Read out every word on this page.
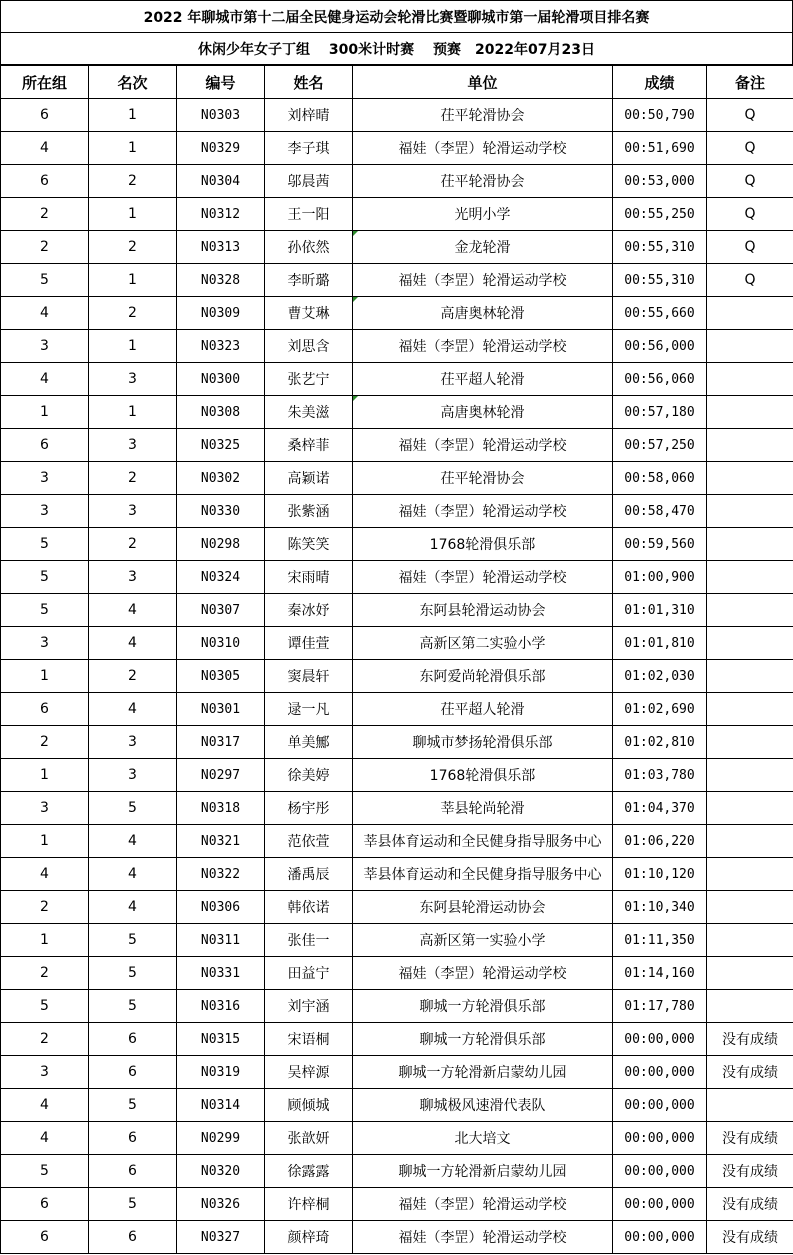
2022 年聊城市第十二届全民健身运动会轮滑比赛暨聊城市第一届轮滑项目排名赛
休闲少年女子丁组　 300米计时赛　 预赛　2022年07月23日
所在组	名次	编号	姓名	单位	成绩	备注
6	1	N0303	刘梓晴	茌平轮滑协会	00:50,790	Q
4	1	N0329	李子琪	福娃（李罡）轮滑运动学校	00:51,690	Q
6	2	N0304	邬晨茜	茌平轮滑协会	00:53,000	Q
2	1	N0312	王一阳	光明小学	00:55,250	Q
2	2	N0313	孙依然	金龙轮滑	00:55,310	Q
5	1	N0328	李昕璐	福娃（李罡）轮滑运动学校	00:55,310	Q
4	2	N0309	曹艾琳	高唐奥林轮滑	00:55,660	
3	1	N0323	刘思含	福娃（李罡）轮滑运动学校	00:56,000	
4	3	N0300	张艺宁	茌平超人轮滑	00:56,060	
1	1	N0308	朱美滋	高唐奥林轮滑	00:57,180	
6	3	N0325	桑梓菲	福娃（李罡）轮滑运动学校	00:57,250	
3	2	N0302	高颖诺	茌平轮滑协会	00:58,060	
3	3	N0330	张紫涵	福娃（李罡）轮滑运动学校	00:58,470	
5	2	N0298	陈笑笑	1768轮滑俱乐部	00:59,560	
5	3	N0324	宋雨晴	福娃（李罡）轮滑运动学校	01:00,900	
5	4	N0307	秦冰妤	东阿县轮滑运动协会	01:01,310	
3	4	N0310	谭佳萱	高新区第二实验小学	01:01,810	
1	2	N0305	窦晨轩	东阿爱尚轮滑俱乐部	01:02,030	
6	4	N0301	逯一凡	茌平超人轮滑	01:02,690	
2	3	N0317	单美鄦	聊城市梦扬轮滑俱乐部	01:02,810	
1	3	N0297	徐美婷	1768轮滑俱乐部	01:03,780	
3	5	N0318	杨宇彤	莘县轮尚轮滑	01:04,370	
1	4	N0321	范依萱	莘县体育运动和全民健身指导服务中心	01:06,220	
4	4	N0322	潘禹辰	莘县体育运动和全民健身指导服务中心	01:10,120	
2	4	N0306	韩依诺	东阿县轮滑运动协会	01:10,340	
1	5	N0311	张佳一	高新区第一实验小学	01:11,350	
2	5	N0331	田益宁	福娃（李罡）轮滑运动学校	01:14,160	
5	5	N0316	刘宇涵	聊城一方轮滑俱乐部	01:17,780	
2	6	N0315	宋语桐	聊城一方轮滑俱乐部	00:00,000	没有成绩
3	6	N0319	吴梓源	聊城一方轮滑新启蒙幼儿园	00:00,000	没有成绩
4	5	N0314	顾倾城	聊城极风速滑代表队	00:00,000	
4	6	N0299	张歆妍	北大培文	00:00,000	没有成绩
5	6	N0320	徐露露	聊城一方轮滑新启蒙幼儿园	00:00,000	没有成绩
6	5	N0326	许梓桐	福娃（李罡）轮滑运动学校	00:00,000	没有成绩
6	6	N0327	颜梓琦	福娃（李罡）轮滑运动学校	00:00,000	没有成绩
